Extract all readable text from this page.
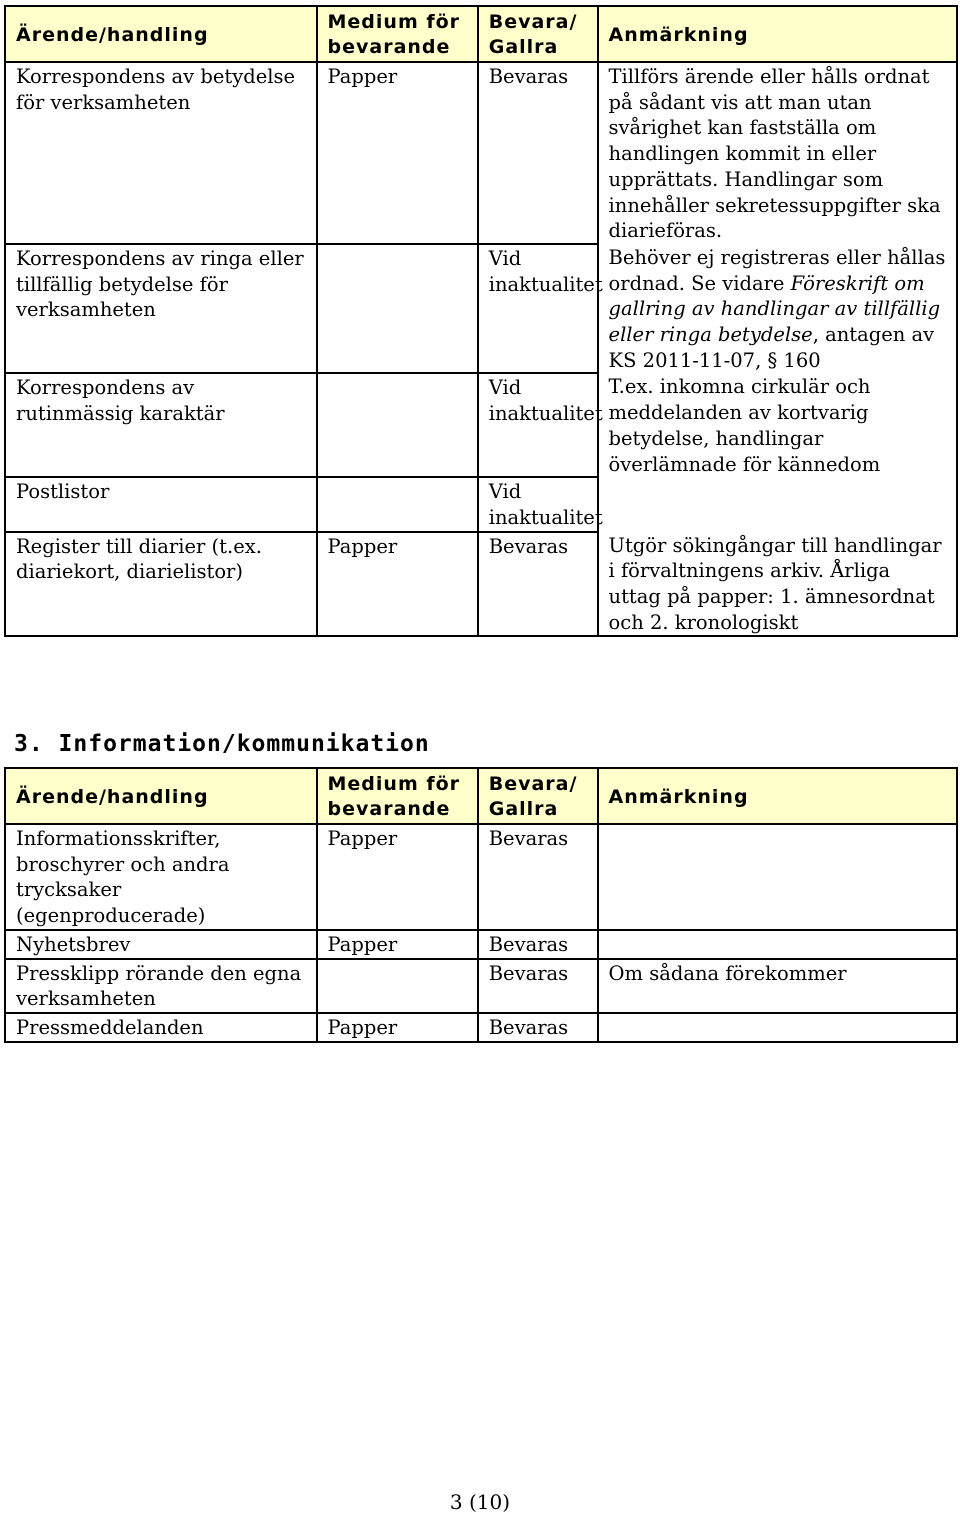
Ärende/handling	Medium för bevarande	Bevara/ Gallra	Anmärkning
Korrespondens av betydelse för verksamheten	Papper	Bevaras	Tillförs ärende eller hålls ordnat på sådant vis att man utan svårighet kan fastställa om handlingen kommit in eller upprättats. Handlingar som innehåller sekretessuppgifter ska diarieföras.
Korrespondens av ringa eller tillfällig betydelse för verksamheten		Vid inaktualitet	Behöver ej registreras eller hållas ordnad. Se vidare Föreskrift om gallring av handlingar av tillfällig eller ringa betydelse, antagen av KS 2011-11-07, § 160
Korrespondens av rutinmässig karaktär		Vid inaktualitet	T.ex. inkomna cirkulär och meddelanden av kortvarig betydelse, handlingar överlämnade för kännedom
Postlistor		Vid inaktualitet	
Register till diarier (t.ex. diariekort, diarielistor)	Papper	Bevaras	Utgör sökingångar till handlingar i förvaltningens arkiv. Årliga uttag på papper: 1. ämnesordnat och 2. kronologiskt
3. Information/kommunikation
Ärende/handling	Medium för bevarande	Bevara/ Gallra	Anmärkning
Informationsskrifter, broschyrer och andra trycksaker (egenproducerade)	Papper	Bevaras	
Nyhetsbrev	Papper	Bevaras	
Pressklipp rörande den egna verksamheten		Bevaras	Om sådana förekommer
Pressmeddelanden	Papper	Bevaras	
3 (10)
